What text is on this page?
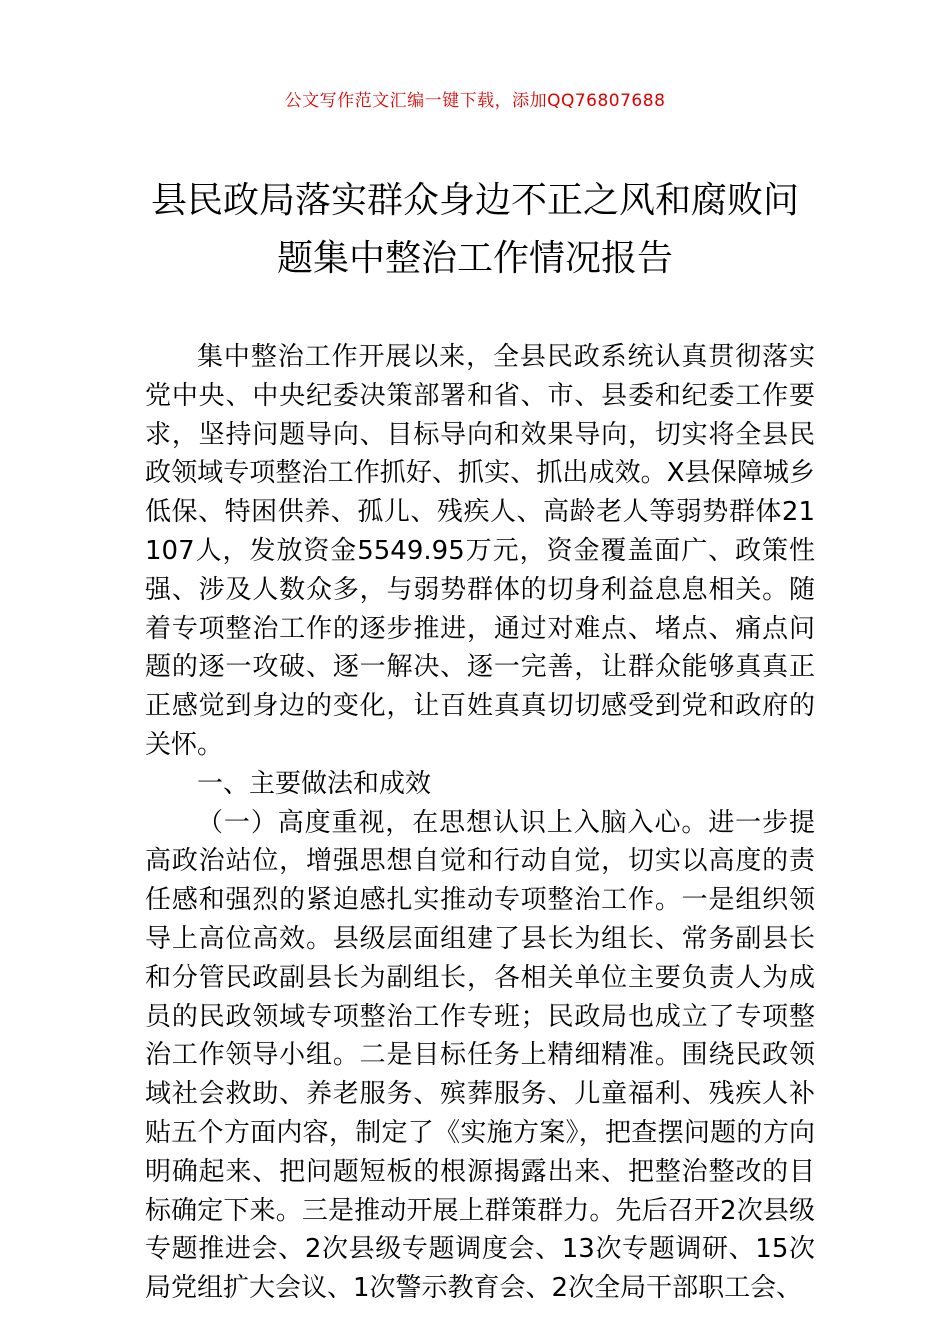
公文写作范文汇编一键下载，添加QQ76807688
县民政局落实群众身边不正之风和腐败问
题集中整治工作情况报告

集中整治工作开展以来，全县民政系统认真贯彻落实党中央、中央纪委决策部署和省、市、县委和纪委工作要求，坚持问题导向、目标导向和效果导向，切实将全县民政领域专项整治工作抓好、抓实、抓出成效。X县保障城乡低保、特困供养、孤儿、残疾人、高龄老人等弱势群体21107人，发放资金5549.95万元，资金覆盖面广、政策性强、涉及人数众多，与弱势群体的切身利益息息相关。随着专项整治工作的逐步推进，通过对难点、堵点、痛点问题的逐一攻破、逐一解决、逐一完善，让群众能够真真正正感觉到身边的变化，让百姓真真切切感受到党和政府的关怀。

一、主要做法和成效

（一）高度重视，在思想认识上入脑入心。进一步提高政治站位，增强思想自觉和行动自觉，切实以高度的责任感和强烈的紧迫感扎实推动专项整治工作。一是组织领导上高位高效。县级层面组建了县长为组长、常务副县长和分管民政副县长为副组长，各相关单位主要负责人为成员的民政领域专项整治工作专班；民政局也成立了专项整治工作领导小组。二是目标任务上精细精准。围绕民政领域社会救助、养老服务、殡葬服务、儿童福利、残疾人补贴五个方面内容，制定了《实施方案》，把查摆问题的方向明确起来、把问题短板的根源揭露出来、把整治整改的目标确定下来。三是推动开展上群策群力。先后召开2次县级专题推进会、2次县级专题调度会、13次专题调研、15次局党组扩大会议、1次警示教育会、2次全局干部职工会、
